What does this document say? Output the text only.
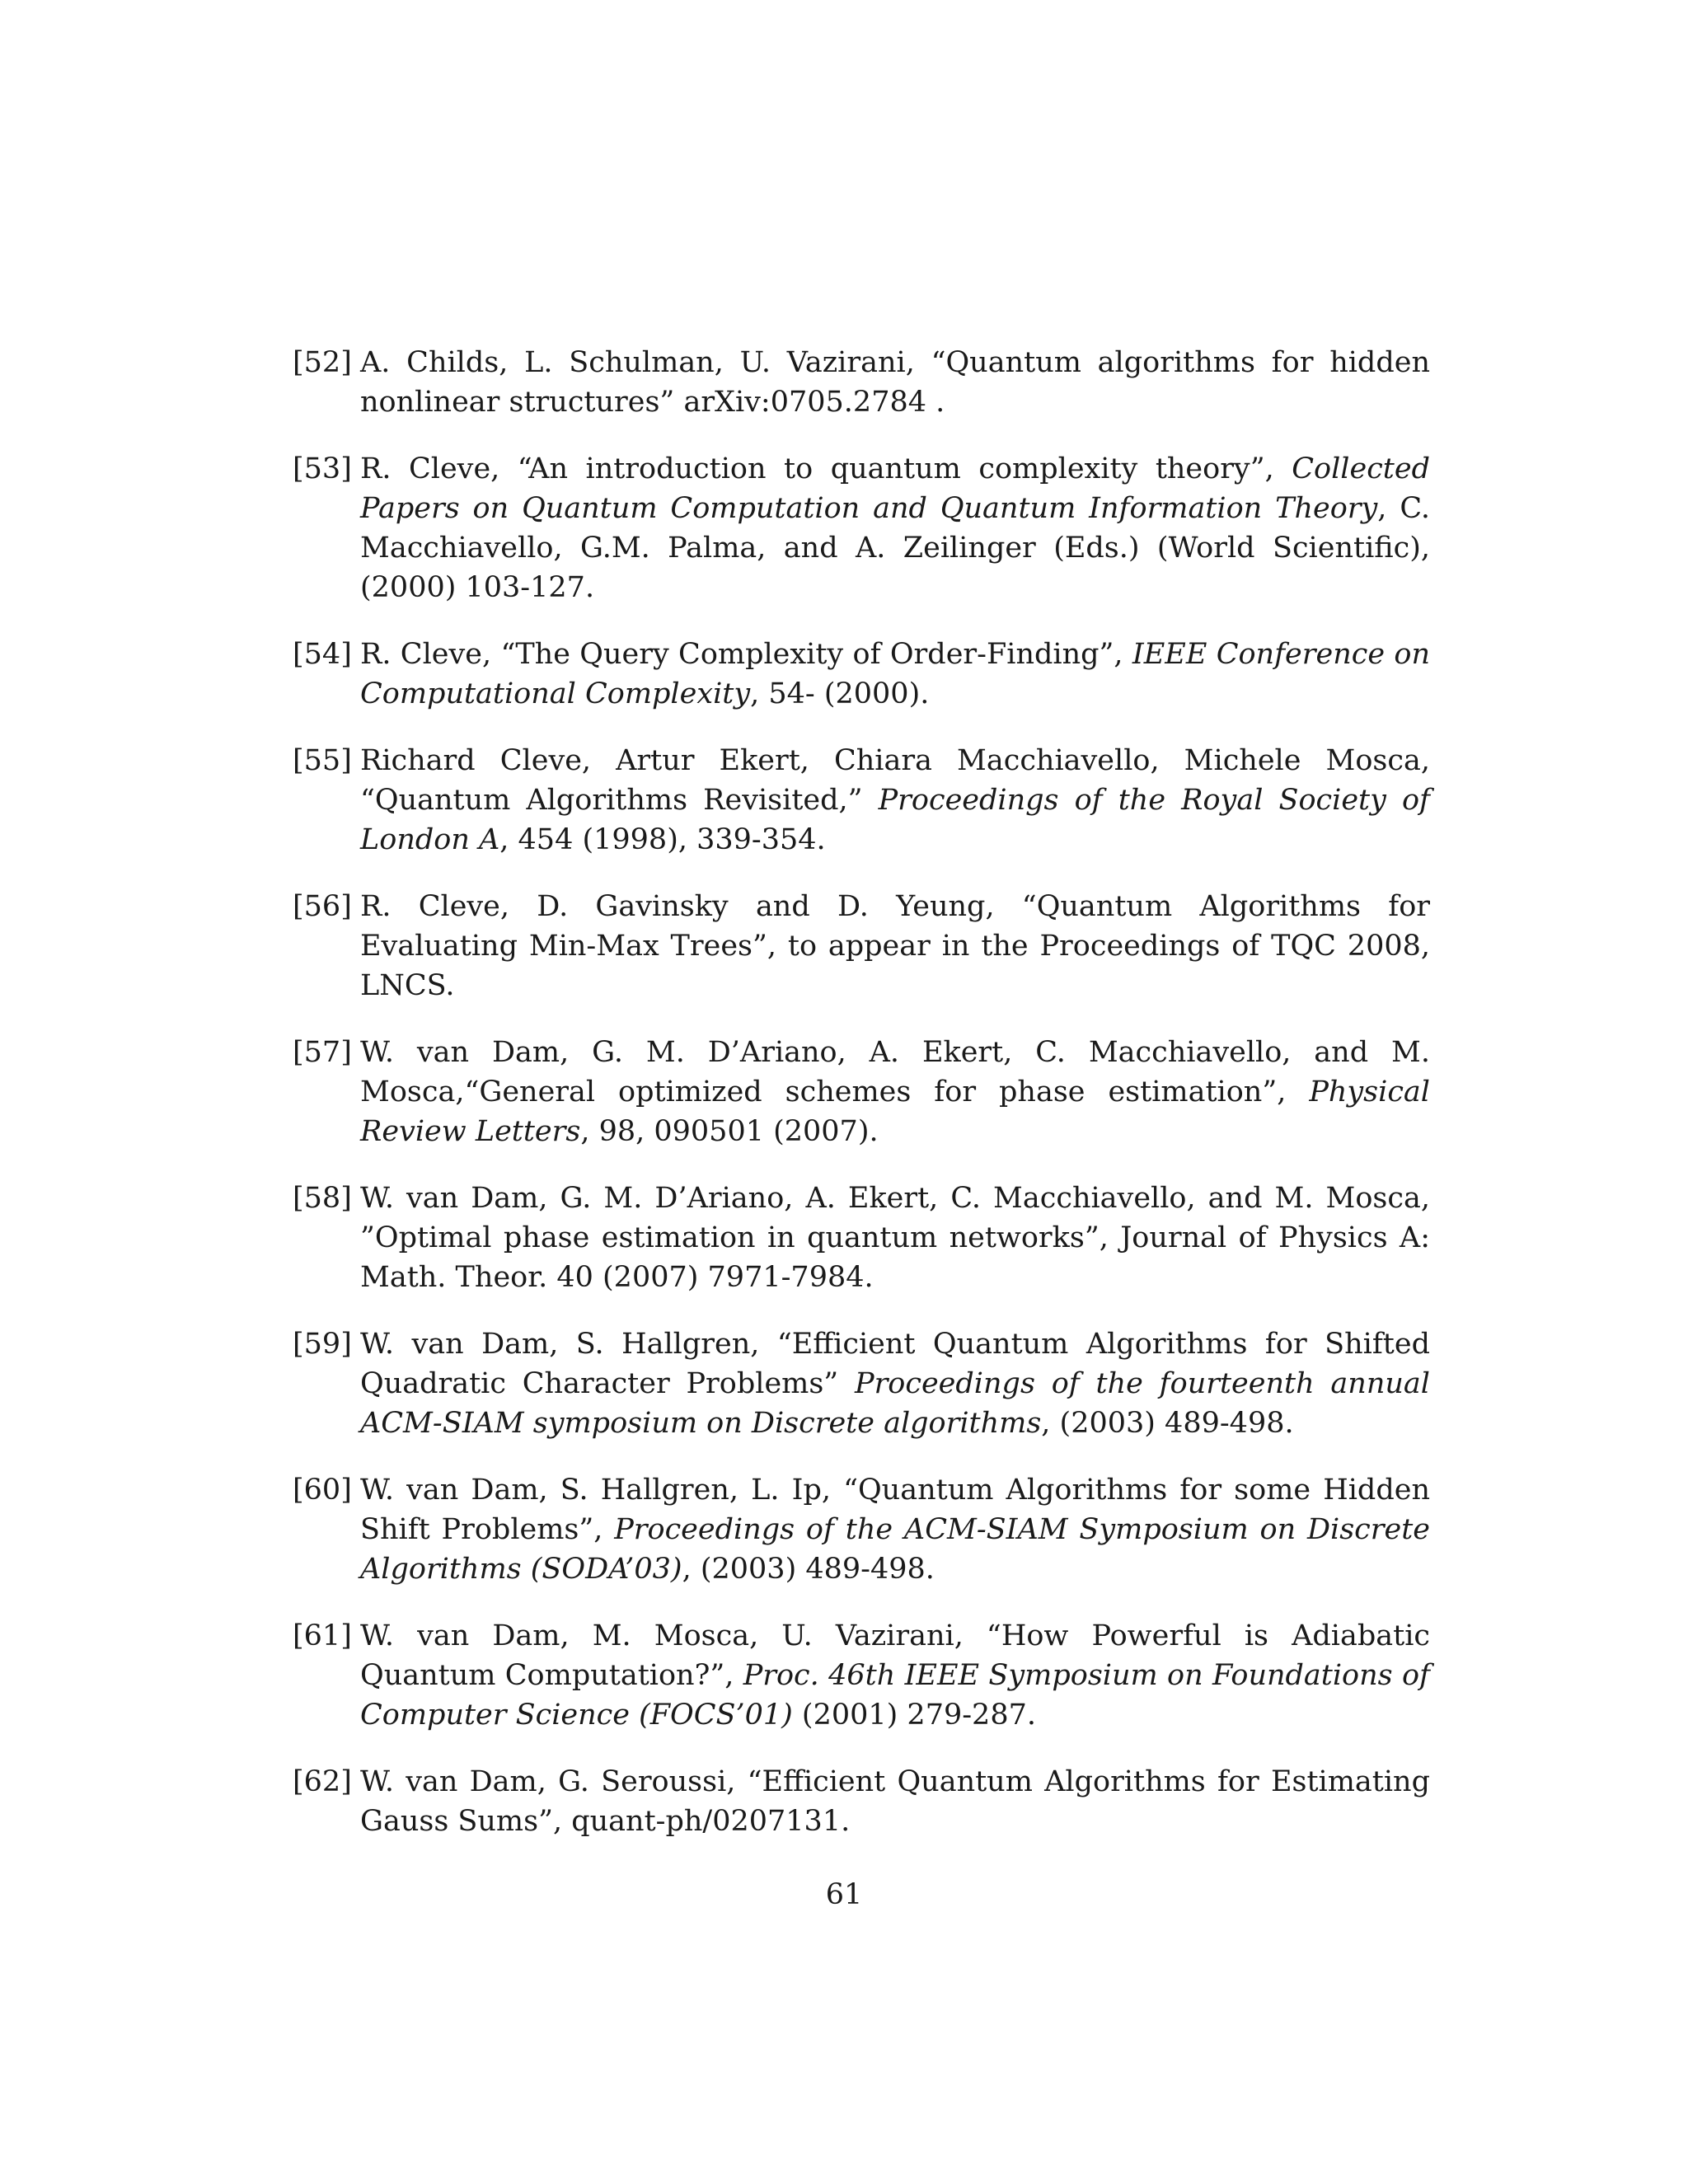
[52] A. Childs, L. Schulman, U. Vazirani, “Quantum algorithms for hidden nonlinear structures” arXiv:0705.2784 .
[53] R. Cleve, “An introduction to quantum complexity theory”, Collected Papers on Quantum Computation and Quantum Information Theory, C. Macchiavello, G.M. Palma, and A. Zeilinger (Eds.) (World Scientific), (2000) 103-127.
[54] R. Cleve, “The Query Complexity of Order-Finding”, IEEE Conference on Computational Complexity, 54- (2000).
[55] Richard Cleve, Artur Ekert, Chiara Macchiavello, Michele Mosca, “Quantum Algorithms Revisited,” Proceedings of the Royal Society of London A, 454 (1998), 339-354.
[56] R. Cleve, D. Gavinsky and D. Yeung, “Quantum Algorithms for Evaluating Min-Max Trees”, to appear in the Proceedings of TQC 2008, LNCS.
[57] W. van Dam, G. M. D’Ariano, A. Ekert, C. Macchiavello, and M. Mosca,“General optimized schemes for phase estimation”, Physical Review Letters, 98, 090501 (2007).
[58] W. van Dam, G. M. D’Ariano, A. Ekert, C. Macchiavello, and M. Mosca, ”Optimal phase estimation in quantum networks”, Journal of Physics A: Math. Theor. 40 (2007) 7971-7984.
[59] W. van Dam, S. Hallgren, “Efficient Quantum Algorithms for Shifted Quadratic Character Problems” Proceedings of the fourteenth annual ACM-SIAM symposium on Discrete algorithms, (2003) 489-498.
[60] W. van Dam, S. Hallgren, L. Ip, “Quantum Algorithms for some Hidden Shift Problems”, Proceedings of the ACM-SIAM Symposium on Discrete Algorithms (SODA’03), (2003) 489-498.
[61] W. van Dam, M. Mosca, U. Vazirani, “How Powerful is Adiabatic Quantum Computation?”, Proc. 46th IEEE Symposium on Foundations of Computer Science (FOCS’01) (2001) 279-287.
[62] W. van Dam, G. Seroussi, “Efficient Quantum Algorithms for Estimating Gauss Sums”, quant-ph/0207131.
61
